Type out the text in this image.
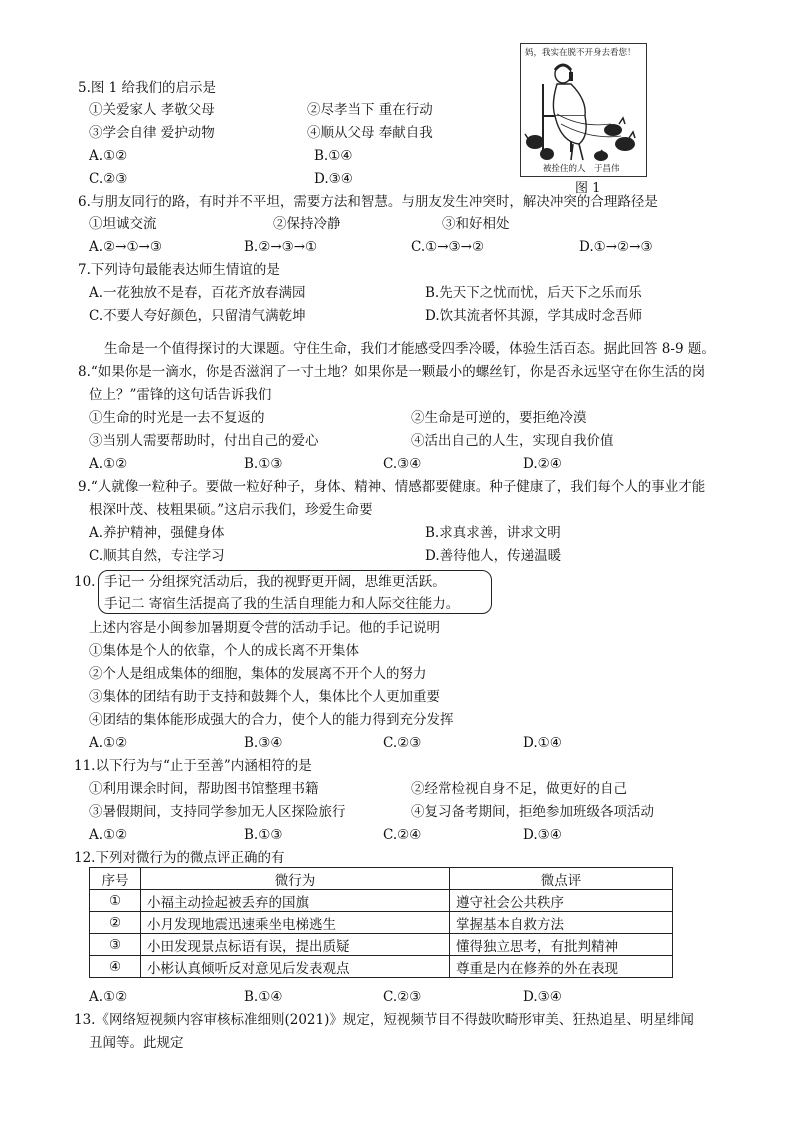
妈，我实在脱不开身去看您！
被拴住的人　于昌伟
图 1
5.图 1 给我们的启示是
①关爱家人 孝敬父母	②尽孝当下 重在行动
③学会自律 爱护动物	④顺从父母 奉献自我
A.①②	B.①④
C.②③	D.③④
6.与朋友同行的路，有时并不平坦，需要方法和智慧。与朋友发生冲突时，解决冲突的合理路径是
①坦诚交流	②保持冷静	③和好相处
A.②→①→③	B.②→③→①	C.①→③→②	D.①→②→③
7.下列诗句最能表达师生情谊的是
A.一花独放不是春，百花齐放春满园	B.先天下之忧而忧，后天下之乐而乐
C.不要人夸好颜色，只留清气满乾坤	D.饮其流者怀其源，学其成时念吾师
生命是一个值得探讨的大课题。守住生命，我们才能感受四季冷暖，体验生活百态。据此回答 8-9 题。
8.“如果你是一滴水，你是否滋润了一寸土地？如果你是一颗最小的螺丝钉，你是否永远坚守在你生活的岗
位上？”雷锋的这句话告诉我们
①生命的时光是一去不复返的	②生命是可逆的，要拒绝冷漠
③当别人需要帮助时，付出自己的爱心	④活出自己的人生，实现自我价值
A.①②	B.①③	C.③④	D.②④
9.“人就像一粒种子。要做一粒好种子，身体、精神、情感都要健康。种子健康了，我们每个人的事业才能
根深叶茂、枝粗果硕。”这启示我们，珍爱生命要
A.养护精神，强健身体	B.求真求善，讲求文明
C.顺其自然，专注学习	D.善待他人，传递温暖
10. 手记一 分组探究活动后，我的视野更开阔，思维更活跃。
手记二 寄宿生活提高了我的生活自理能力和人际交往能力。
上述内容是小闽参加暑期夏令营的活动手记。他的手记说明
①集体是个人的依靠，个人的成长离不开集体
②个人是组成集体的细胞，集体的发展离不开个人的努力
③集体的团结有助于支持和鼓舞个人，集体比个人更加重要
④团结的集体能形成强大的合力，使个人的能力得到充分发挥
A.①②	B.③④	C.②③	D.①④
11.以下行为与“止于至善”内涵相符的是
①利用课余时间，帮助图书馆整理书籍	②经常检视自身不足，做更好的自己
③暑假期间，支持同学参加无人区探险旅行	④复习备考期间，拒绝参加班级各项活动
A.①②	B.①③	C.②④	D.③④
12.下列对微行为的微点评正确的有
序号	微行为	微点评
①	小福主动捡起被丢弃的国旗	遵守社会公共秩序
②	小月发现地震迅速乘坐电梯逃生	掌握基本自救方法
③	小田发现景点标语有误，提出质疑	懂得独立思考，有批判精神
④	小彬认真倾听反对意见后发表观点	尊重是内在修养的外在表现
A.①②	B.①④	C.②③	D.③④
13.《网络短视频内容审核标准细则(2021)》规定，短视频节目不得鼓吹畸形审美、狂热追星、明星绯闻
丑闻等。此规定
